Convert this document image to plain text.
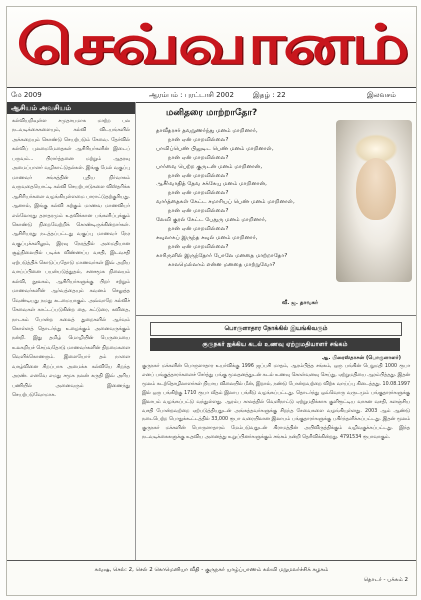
செவ்வானம்
மே 2009	ஆரம்பம் : புரட்டாசி 2002	இதழ் : 22	இலவசம்
ஆசியம் அவசியம்
கல்வியறிவுள்ள சமுதாயமாக மாற்ற பல நடவடிக்கைகளையும், கல்வி விடயங்களில் அக்கறையும் கொண்டு செயற்படும் சேவை. தேர்வில் கல்விப் புலமைமேதைகள் ஆசிரியர்களின் இடைப் பருவம்... பிரார்த்தனை மற்றும் ஆதரவு அமைப்பாளர் வழிகாட்டுதல்கள். இங்கு மேல் வகுப்பு மாணவர் சங்கத்தின் புதிய நிர்வாகம் வருவதையொட்டி கல்வி செயற்பாடுகளை விஸ்தரிக்க ஆசிரியர்களை வழங்கியுள்ளமை பாராட்டுதற்குரியது. ஆனால், இங்கு கல்வி கற்கும் மாணவ மாணவியர் எல்லோரது தராதரமும் உதவிக்கான பங்களிப்புக்கும் கொண்டு நிறைவேற்றிக் கொண்டிருக்கின்றார்கள். ஆசிரியரது நடத்தப்பட்டது வகுப்பு மாணவர் நேர வகுப்புக்களிலும், இரவு நேரத்தில் அமைதியான சூழ்நிலையில் படிக்க விண்ணப்ப வசதி, இடவசதி ஏற்படுத்திக் கொடுப்பதோடு மாணவர்கள் இவ் அறிய வாய்ப்பினை பயன்படுத்துதல், சனசமூக நிலையம் கல்வி, நூலகம், ஆசிரியர்களுக்கு பிறர் சற்றும் மாணவர்களின் ஆர்வத்தையும் கவனம் செலுத்த வேண்டியது நமது கடமையாகும். அவ்வாறே கல்விச் சேவைகள் காட்டப்படுகின்ற தை, கட்டுரை, கவிதை, நாடகம் போன்ற கலைத் துறைகளில் ஆர்வம் கொள்ளத் தொடர்ந்து உழைக்கும் அனைவருக்கும் நன்றி. இது தமிழ் மொழியின் பெருமையை உலகறியச் செய்வதோடு மாணவர்களின் திறமைகளை வெளிக்கொணரும். இளையோர் தம் நாளை வாழ்வினை சிறப்பாக அமைக்க கல்வியே சிறந்த அரண். எனவே எமது சமூக நலன் கருதி இவ் அரிய பணியில் அனைவரும் இணைந்து செயற்படுவோமாக.
மனிதரை மாற்றாதோ?
தாவீதரசர் தவறுணர்ந்து மனம் மாறினார்,
நான் ஏன் மாறவில்லை?
பாவிப்பெண் பிலுடிட பெண் மனம் மாறினாள்,
நான் ஏன் மாறவில்லை?
பார்வை பெற்ற குருடன் மனம் மாறினான்,
நான் ஏன் மாறவில்லை?
ஆசீர்வாதித் தேவ சக்கேயு மனம் மாறினான்,
நான் ஏன் மாறவில்லை?
வார்த்தைகள் கேட்ட சமாரியப் பெண் மனம் மாறினாள்,
நான் ஏன் மாறவில்லை?
லேவி குரல் கேட்ட பேதுரு மனம் மாறினார்,
நான் ஏன் மாறவில்லை?
சவுலாகப் இருந்த சவுல் மனம் மாறினார்,
நான் ஏன் மாறவில்லை?
காரிருளில் இருந்தோர் போலே மனதை மாற்றாதோ?
காலமெல்லாம் என்ன மனதை மாற்றுவோ?
வீ. ஜ. தாவகர்
பொருளாதார நோக்கில் இயங்கிவரும்
குருநகர் ஐக்கிய கடல் உணவு ஏற்றுமதியாளர் சங்கம்
ஆ. பிரைஸ்தாசன் (பொருளாளர்)
குருநகர் மக்களின் பொருளாதார உயர்விக்கு 1996 ஜப்பசி மாதம், ஆரம்பித்த சங்கம், ஒரு பங்கின் பெறுமதி 1000 ரூபா எனப் பங்குத்தாரர்களைச் சேர்த்து பங்கு மூலதனத்துடன் கடல் உணவு கொள்வனவு செய்து, ஏற்றுமதியை ஆரம்பித்தது. இதன் மூலம் கடற்தொழிலாளர்கள் நியாய விலையில் மீன், இறால், நண்டு போன்றவற்றை விற்க வாய்ப்பு கிடைத்தது. 10.08.1997 இல் ஒரு பங்கிற்கு 1710 ரூபா வீதம் இலாப பங்கீடு வழங்கப்பட்டது. தொடர்ந்து ஒவ்வொரு வருடமும் பங்குதாரர்களுக்கு இலாபம் வழங்கப்பட்டு வந்துள்ளது. ஆரம்ப காலத்தில் வெளிநாட்டு ஏற்றுமதிக்காக குளிரூட்டிய வாகன வசதி, களஞ்சிய வசதி போன்றவற்றை ஏற்படுத்தியதுடன் அங்கத்தவர்களுக்கு சிறந்த சேவைகளை வழங்கியுள்ளது. 2003 ஆம் ஆண்டு நடைபெற்ற பொதுக்கூட்டத்தில் 33,000 ரூபா வரையிலான இலாபம் பங்குதாரர்களுக்கு பகிர்ந்தளிக்கப்பட்டது. இதன் மூலம் குருநகர் மக்களின் பொருளாதாரம் மேம்படுவதுடன் கிராமத்தின் அபிவிருத்திக்கும் வழிவகுக்கப்பட்டது. இந்த நடவடிக்கைகளுக்கு உதவிய அனைத்து உறுப்பினர்களுக்கும் சங்கம் நன்றி தெரிவிக்கின்றது. 4791534 ரூபாவாகும்.
கவஷ, செல்: 2, செல் 2 கொமெனியா வீதி - குருநகர் யாழ்ப்பாணம் கல்வி மறுமலர்ச்சிக் கழகம்
தொடர் - பக்கம் 2
